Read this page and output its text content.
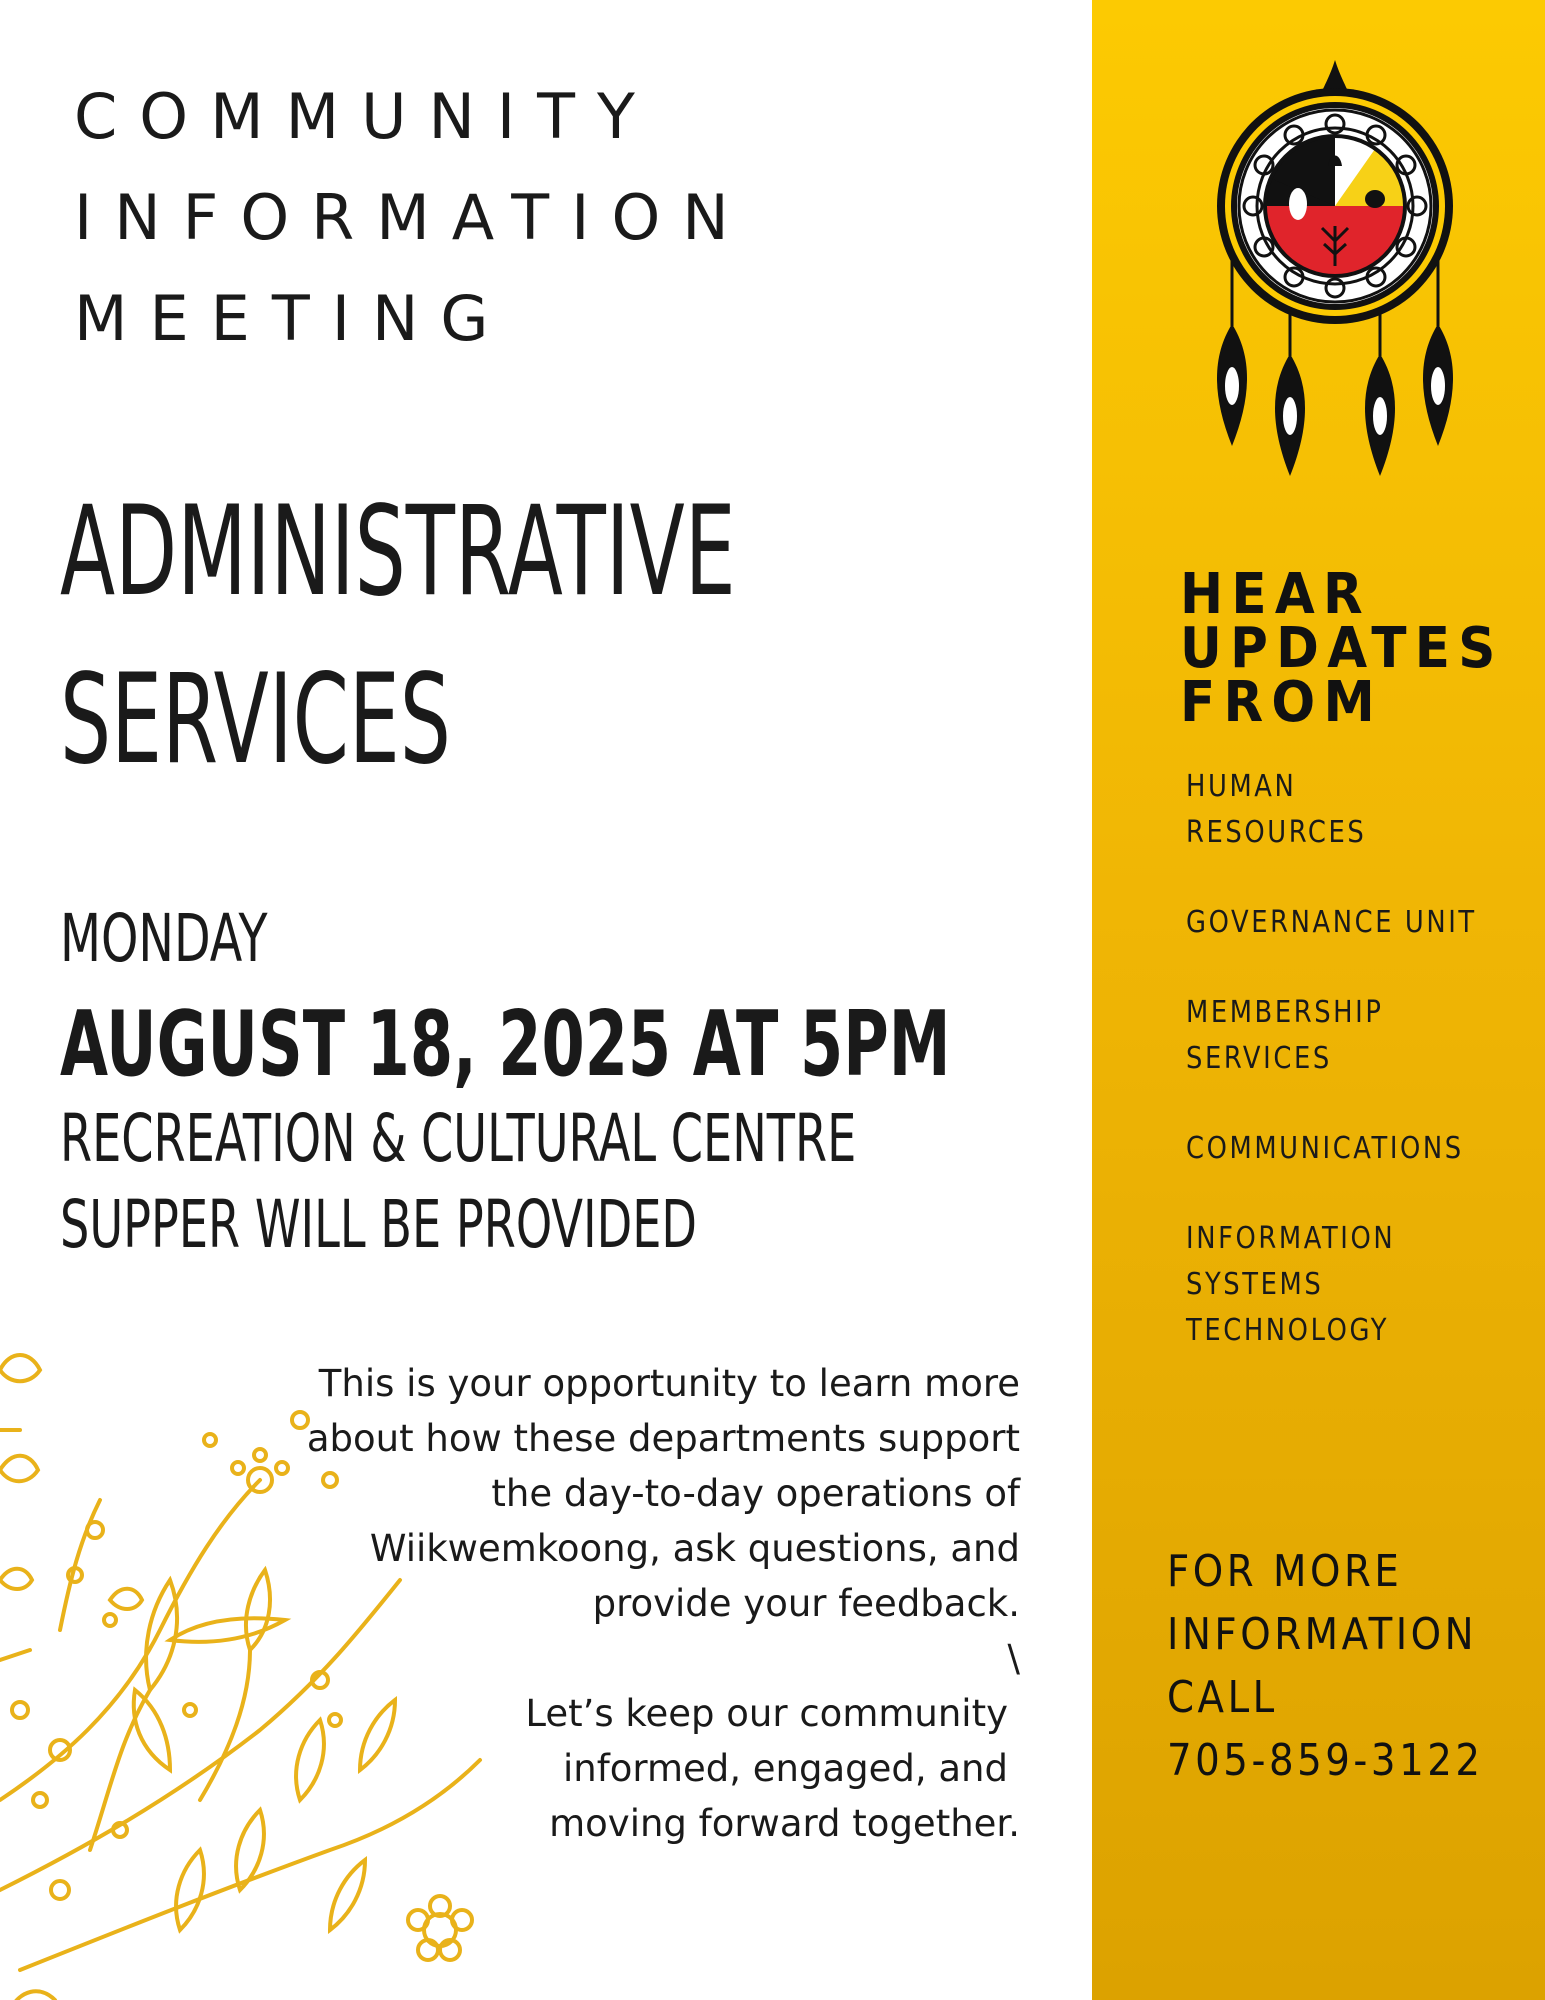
COMMUNITY
INFORMATION
MEETING
ADMINISTRATIVE
SERVICES
MONDAY
AUGUST 18, 2025 AT 5PM
RECREATION & CULTURAL CENTRE
SUPPER WILL BE PROVIDED

This is your opportunity to learn more

about how these departments support

the day-to-day operations of

Wiikwemkoong, ask questions, and

provide your feedback.

\

Let’s keep our community

informed, engaged, and

moving forward together.

HEAR
UPDATES
FROM
HUMAN
RESOURCES
GOVERNANCE UNIT
MEMBERSHIP
SERVICES
COMMUNICATIONS
INFORMATION
SYSTEMS
TECHNOLOGY
FOR MORE
INFORMATION
CALL
705-859-3122
